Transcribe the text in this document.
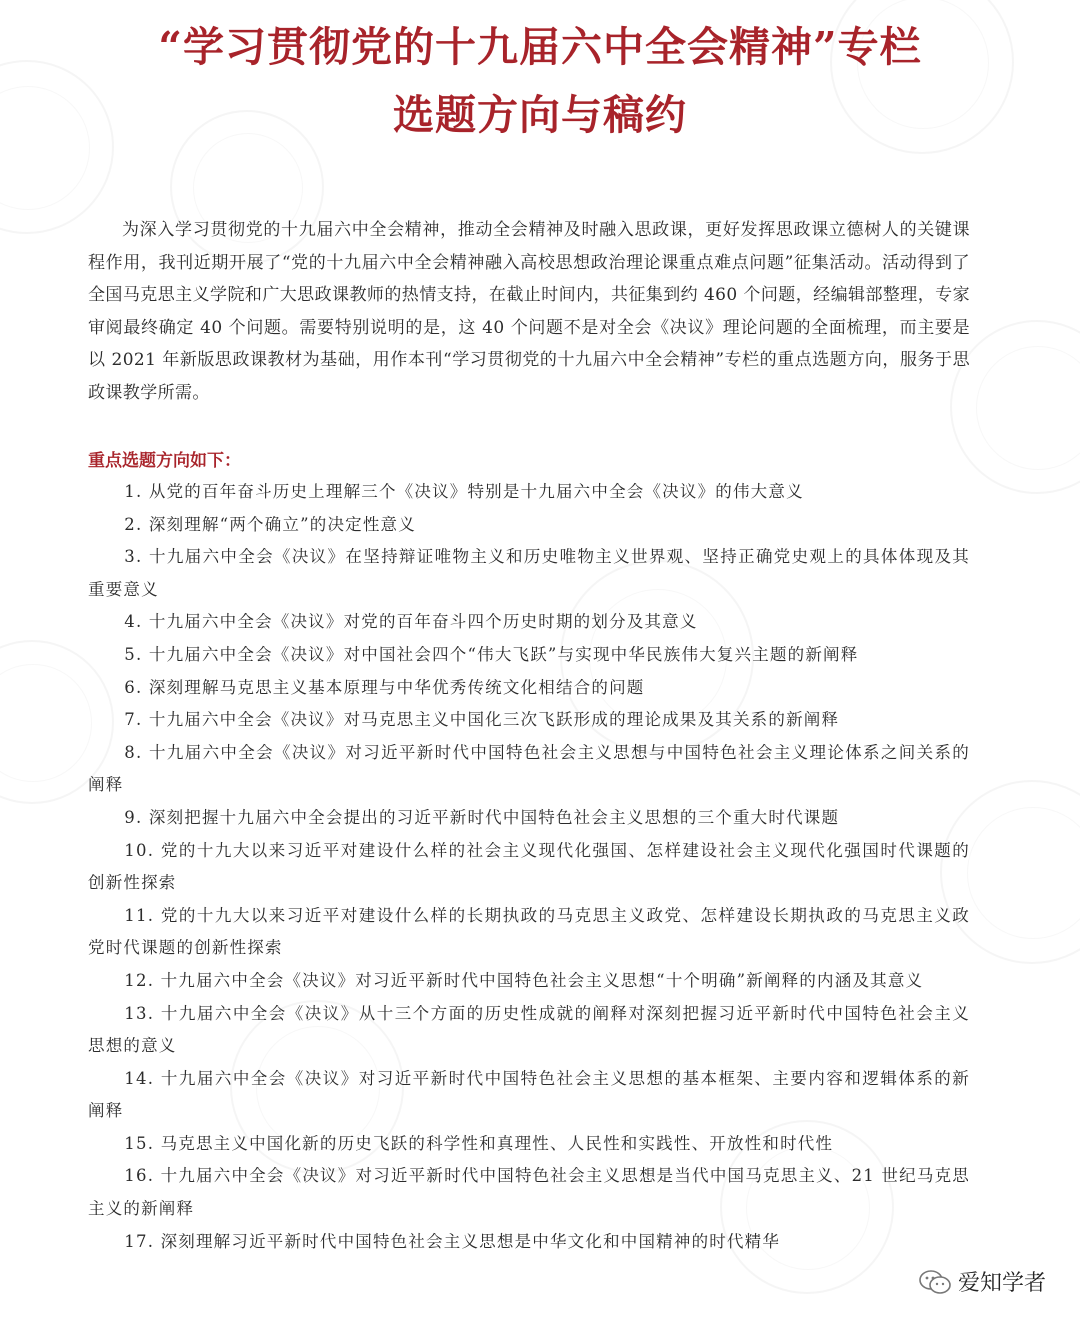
“学习贯彻党的十九届六中全会精神”专栏
选题方向与稿约

为深入学习贯彻党的十九届六中全会精神，推动全会精神及时融入思政课，更好发挥思政课立德树人的关键课程作用，我刊近期开展了“党的十九届六中全会精神融入高校思想政治理论课重点难点问题”征集活动。活动得到了全国马克思主义学院和广大思政课教师的热情支持，在截止时间内，共征集到约 460 个问题，经编辑部整理，专家审阅最终确定 40 个问题。需要特别说明的是，这 40 个问题不是对全会《决议》理论问题的全面梳理，而主要是以 2021 年新版思政课教材为基础，用作本刊“学习贯彻党的十九届六中全会精神”专栏的重点选题方向，服务于思政课教学所需。

重点选题方向如下：

1. 从党的百年奋斗历史上理解三个《决议》特别是十九届六中全会《决议》的伟大意义
2. 深刻理解“两个确立”的决定性意义
3. 十九届六中全会《决议》在坚持辩证唯物主义和历史唯物主义世界观、坚持正确党史观上的具体体现及其重要意义
4. 十九届六中全会《决议》对党的百年奋斗四个历史时期的划分及其意义
5. 十九届六中全会《决议》对中国社会四个“伟大飞跃”与实现中华民族伟大复兴主题的新阐释
6. 深刻理解马克思主义基本原理与中华优秀传统文化相结合的问题
7. 十九届六中全会《决议》对马克思主义中国化三次飞跃形成的理论成果及其关系的新阐释
8. 十九届六中全会《决议》对习近平新时代中国特色社会主义思想与中国特色社会主义理论体系之间关系的阐释
9. 深刻把握十九届六中全会提出的习近平新时代中国特色社会主义思想的三个重大时代课题
10. 党的十九大以来习近平对建设什么样的社会主义现代化强国、怎样建设社会主义现代化强国时代课题的创新性探索
11. 党的十九大以来习近平对建设什么样的长期执政的马克思主义政党、怎样建设长期执政的马克思主义政党时代课题的创新性探索
12. 十九届六中全会《决议》对习近平新时代中国特色社会主义思想“十个明确”新阐释的内涵及其意义
13. 十九届六中全会《决议》从十三个方面的历史性成就的阐释对深刻把握习近平新时代中国特色社会主义思想的意义
14. 十九届六中全会《决议》对习近平新时代中国特色社会主义思想的基本框架、主要内容和逻辑体系的新阐释
15. 马克思主义中国化新的历史飞跃的科学性和真理性、人民性和实践性、开放性和时代性
16. 十九届六中全会《决议》对习近平新时代中国特色社会主义思想是当代中国马克思主义、21 世纪马克思主义的新阐释
17. 深刻理解习近平新时代中国特色社会主义思想是中华文化和中国精神的时代精华
爱知学者
